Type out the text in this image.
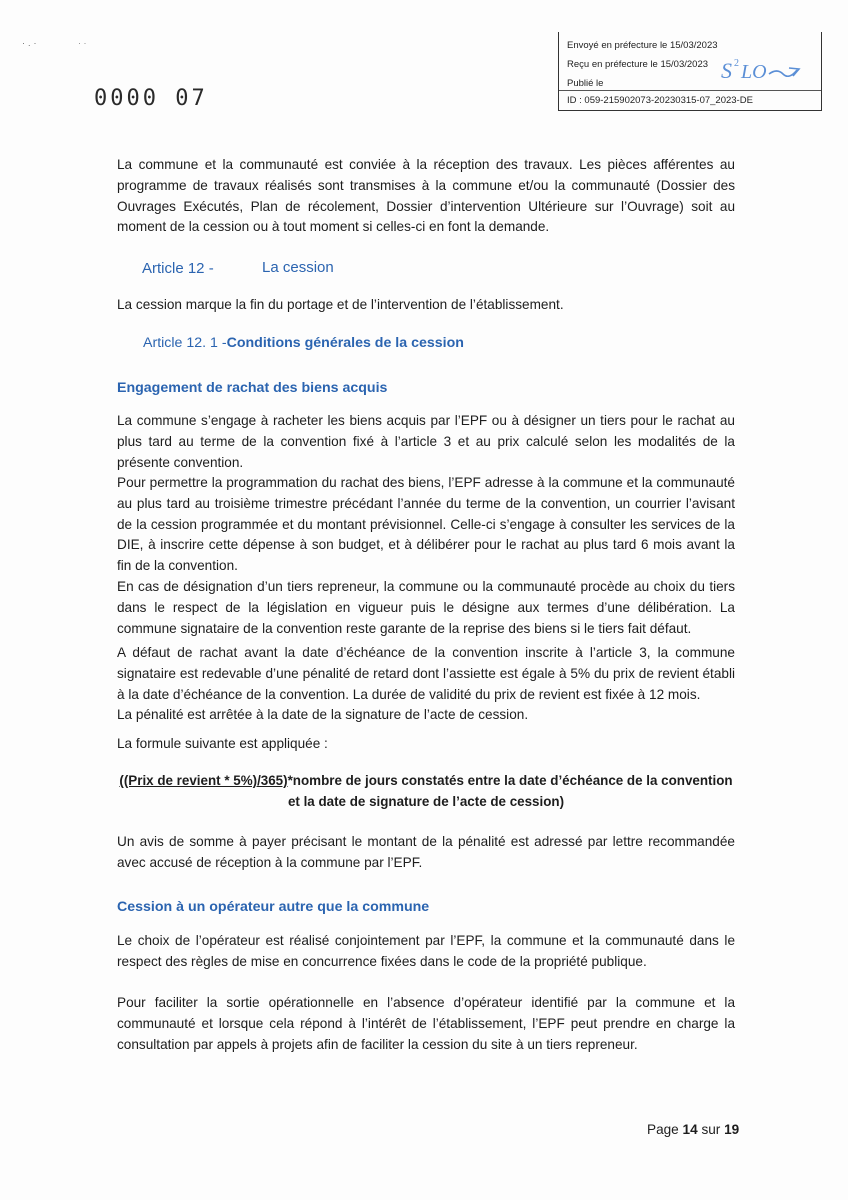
·.·	· ·
0000 07
Envoyé en préfecture le 15/03/2023
Reçu en préfecture le 15/03/2023
Publié le
ID : 059-215902073-20230315-07_2023-DE
S 2 LO

La commune et la communauté est conviée à la réception des travaux. Les pièces afférentes au programme de travaux réalisés sont transmises à la commune et/ou la communauté (Dossier des Ouvrages Exécutés, Plan de récolement, Dossier d’intervention Ultérieure sur l’Ouvrage) soit au moment de la cession ou à tout moment si celles-ci en font la demande.

Article 12 -	La cession

La cession marque la fin du portage et de l’intervention de l’établissement.

Article 12. 1 -Conditions générales de la cession
Engagement de rachat des biens acquis

La commune s’engage à racheter les biens acquis par l’EPF ou à désigner un tiers pour le rachat au plus tard au terme de la convention fixé à l’article 3 et au prix calculé selon les modalités de la présente convention.

Pour permettre la programmation du rachat des biens, l’EPF adresse à la commune et la communauté au plus tard au troisième trimestre précédant l’année du terme de la convention, un courrier l’avisant de la cession programmée et du montant prévisionnel. Celle-ci s’engage à consulter les services de la DIE, à inscrire cette dépense à son budget, et à délibérer pour le rachat au plus tard 6 mois avant la fin de la convention.

En cas de désignation d’un tiers repreneur, la commune ou la communauté procède au choix du tiers dans le respect de la législation en vigueur puis le désigne aux termes d’une délibération. La commune signataire de la convention reste garante de la reprise des biens si le tiers fait défaut.

A défaut de rachat avant la date d’échéance de la convention inscrite à l’article 3, la commune signataire est redevable d’une pénalité de retard dont l’assiette est égale à 5% du prix de revient établi à la date d’échéance de la convention. La durée de validité du prix de revient est fixée à 12 mois.

La pénalité est arrêtée à la date de la signature de l’acte de cession.

La formule suivante est appliquée :

((Prix de revient * 5%)/365)*nombre de jours constatés entre la date d’échéance de la convention
et la date de signature de l’acte de cession)

Un avis de somme à payer précisant le montant de la pénalité est adressé par lettre recommandée avec accusé de réception à la commune par l’EPF.

Cession à un opérateur autre que la commune

Le choix de l’opérateur est réalisé conjointement par l’EPF, la commune et la communauté dans le respect des règles de mise en concurrence fixées dans le code de la propriété publique.

Pour faciliter la sortie opérationnelle en l’absence d’opérateur identifié par la commune et la communauté et lorsque cela répond à l’intérêt de l’établissement, l’EPF peut prendre en charge la consultation par appels à projets afin de faciliter la cession du site à un tiers repreneur.

Page 14 sur 19
